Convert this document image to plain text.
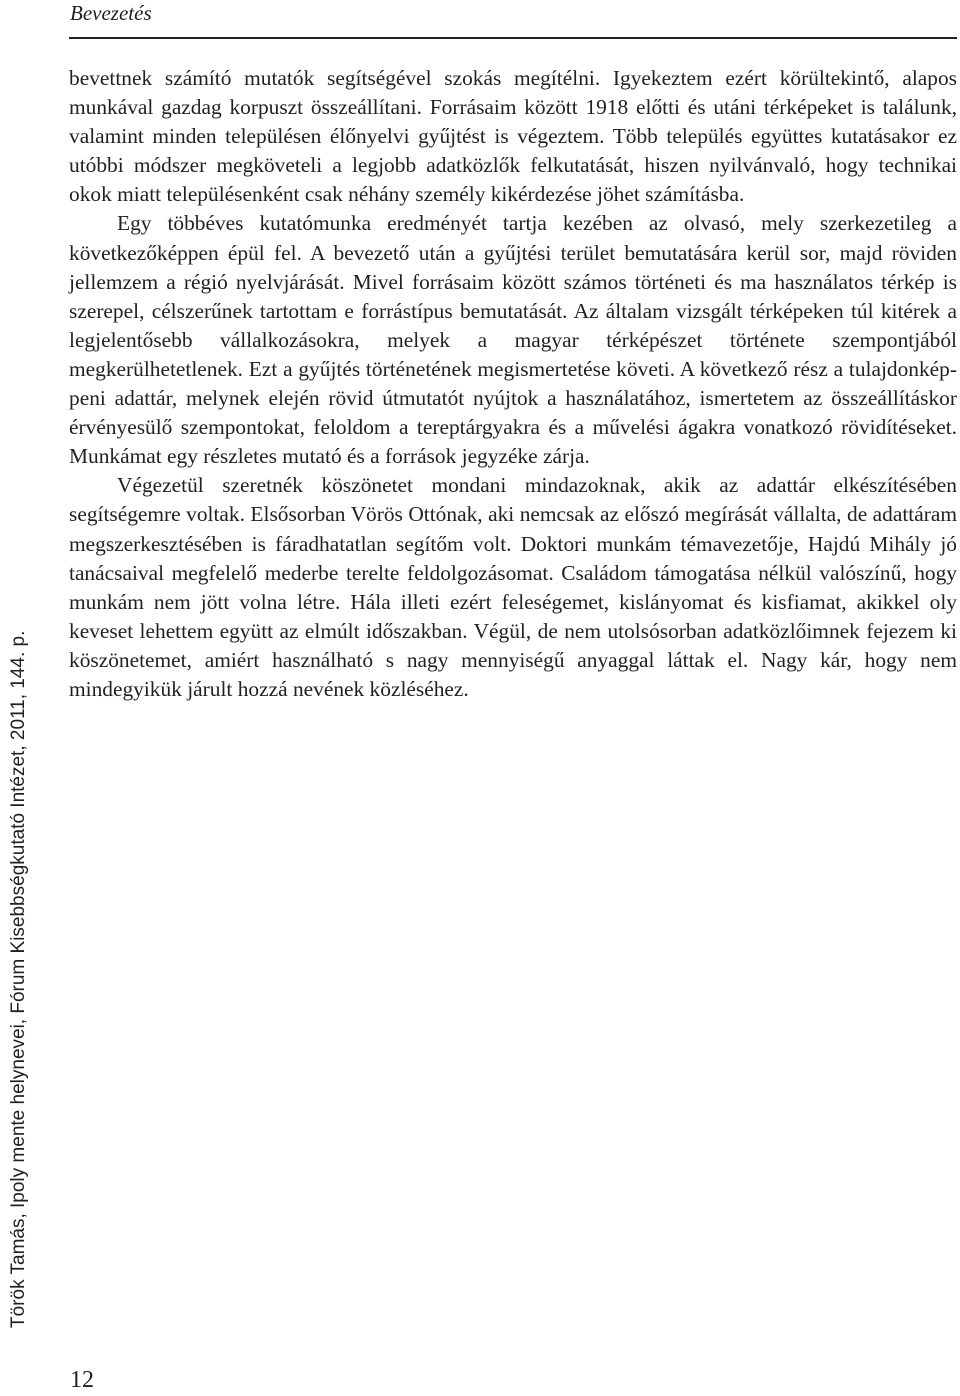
Bevezetés

bevettnek számító mutatók segítségével szokás megítélni. Igyekeztem ezért körültekintő, alapos munkával gazdag korpuszt összeállítani. Forrásaim között 1918 előtti és utáni térképeket is találunk, valamint minden településen élőnyelvi gyűjtést is végeztem. Több település együttes kutatásakor ez utóbbi módszer megköveteli a legjobb adatközlők felkutatását, hiszen nyilvánvaló, hogy technikai okok miatt településenként csak néhány személy kikérdezése jöhet számításba.

Egy többéves kutatómunka eredményét tartja kezében az olvasó, mely szerkezetileg a következőképpen épül fel. A bevezető után a gyűjtési terület bemutatására kerül sor, majd röviden jellemzem a régió nyelvjárását. Mivel forrásaim között számos történeti és ma használatos térkép is szerepel, célszerűnek tartottam e forrástípus bemutatását. Az általam vizsgált térképeken túl kitérek a legjelentősebb vállalkozásokra, melyek a magyar térképészet története szempontjából megkerülhetetlenek. Ezt a gyűjtés történetének megismertetése követi. A következő rész a tulajdonképpeni adattár, melynek elején rövid útmutatót nyújtok a használatához, ismertetem az összeállításkor érvényesülő szempontokat, feloldom a tereptárgyakra és a művelési ágakra vonatkozó rövidítéseket. Munkámat egy részletes mutató és a források jegyzéke zárja.

Végezetül szeretnék köszönetet mondani mindazoknak, akik az adattár elkészítésében segítségemre voltak. Elsősorban Vörös Ottónak, aki nemcsak az előszó megírását vállalta, de adattáram megszerkesztésében is fáradhatatlan segítőm volt. Doktori munkám témavezetője, Hajdú Mihály jó tanácsaival megfelelő mederbe terelte feldolgozásomat. Családom támogatása nélkül valószínű, hogy munkám nem jött volna létre. Hála illeti ezért feleségemet, kislányomat és kisfiamat, akikkel oly keveset lehettem együtt az elmúlt időszakban. Végül, de nem utolsósorban adatközlőimnek fejezem ki köszönetemet, amiért használható s nagy mennyiségű anyaggal láttak el. Nagy kár, hogy nem mindegyikük járult hozzá nevének közléséhez.

Török Tamás, Ipoly mente helynevei, Fórum Kisebbségkutató Intézet, 2011, 144. p.
12
